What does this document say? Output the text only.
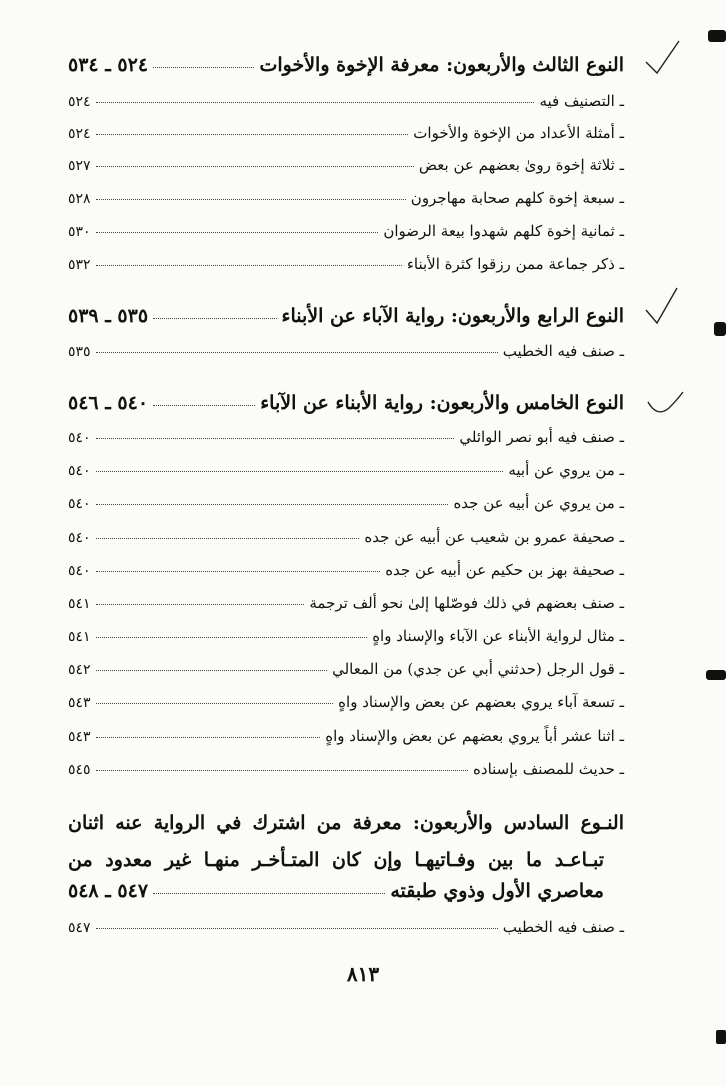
النوع الثالث والأربعون: معرفة الإخوة والأخوات
٥٢٤ ـ ٥٣٤
ـ التصنيف فيه
٥٢٤
ـ أمثلة الأعداد من الإخوة والأخوات
٥٢٤
ـ ثلاثة إخوة روىٰ بعضهم عن بعض
٥٢٧
ـ سبعة إخوة كلهم صحابة مهاجرون
٥٢٨
ـ ثمانية إخوة كلهم شهدوا بيعة الرضوان
٥٣٠
ـ ذكر جماعة ممن رزقوا كثرة الأبناء
٥٣٢
النوع الرابع والأربعون: رواية الآباء عن الأبناء
٥٣٥ ـ ٥٣٩
ـ صنف فيه الخطيب
٥٣٥
النوع الخامس والأربعون: رواية الأبناء عن الآباء
٥٤٠ ـ ٥٤٦
ـ صنف فيه أبو نصر الوائلي
٥٤٠
ـ من يروي عن أبيه
٥٤٠
ـ من يروي عن أبيه عن جده
٥٤٠
ـ صحيفة عمرو بن شعيب عن أبيه عن جده
٥٤٠
ـ صحيفة بهز بن حكيم عن أبيه عن جده
٥٤٠
ـ صنف بعضهم في ذلك فوصّلها إلىٰ نحو ألف ترجمة
٥٤١
ـ مثال لرواية الأبناء عن الآباء والإسناد واهٍ
٥٤١
ـ قول الرجل (حدثني أبي عن جدي) من المعالي
٥٤٢
ـ تسعة آباء يروي بعضهم عن بعض والإسناد واهٍ
٥٤٣
ـ اثنا عشر أباً يروي بعضهم عن بعض والإسناد واهٍ
٥٤٣
ـ حديث للمصنف بإسناده
٥٤٥
النـوع السادس والأربعون: معرفة من اشترك في الرواية عنه اثنان
تبـاعـد ما بين وفـاتيهـا وإن كان المتـأخـر منهـا غير معدود من
معاصري الأول وذوي طبقته
٥٤٧ ـ ٥٤٨
ـ صنف فيه الخطيب
٥٤٧
٨١٣
